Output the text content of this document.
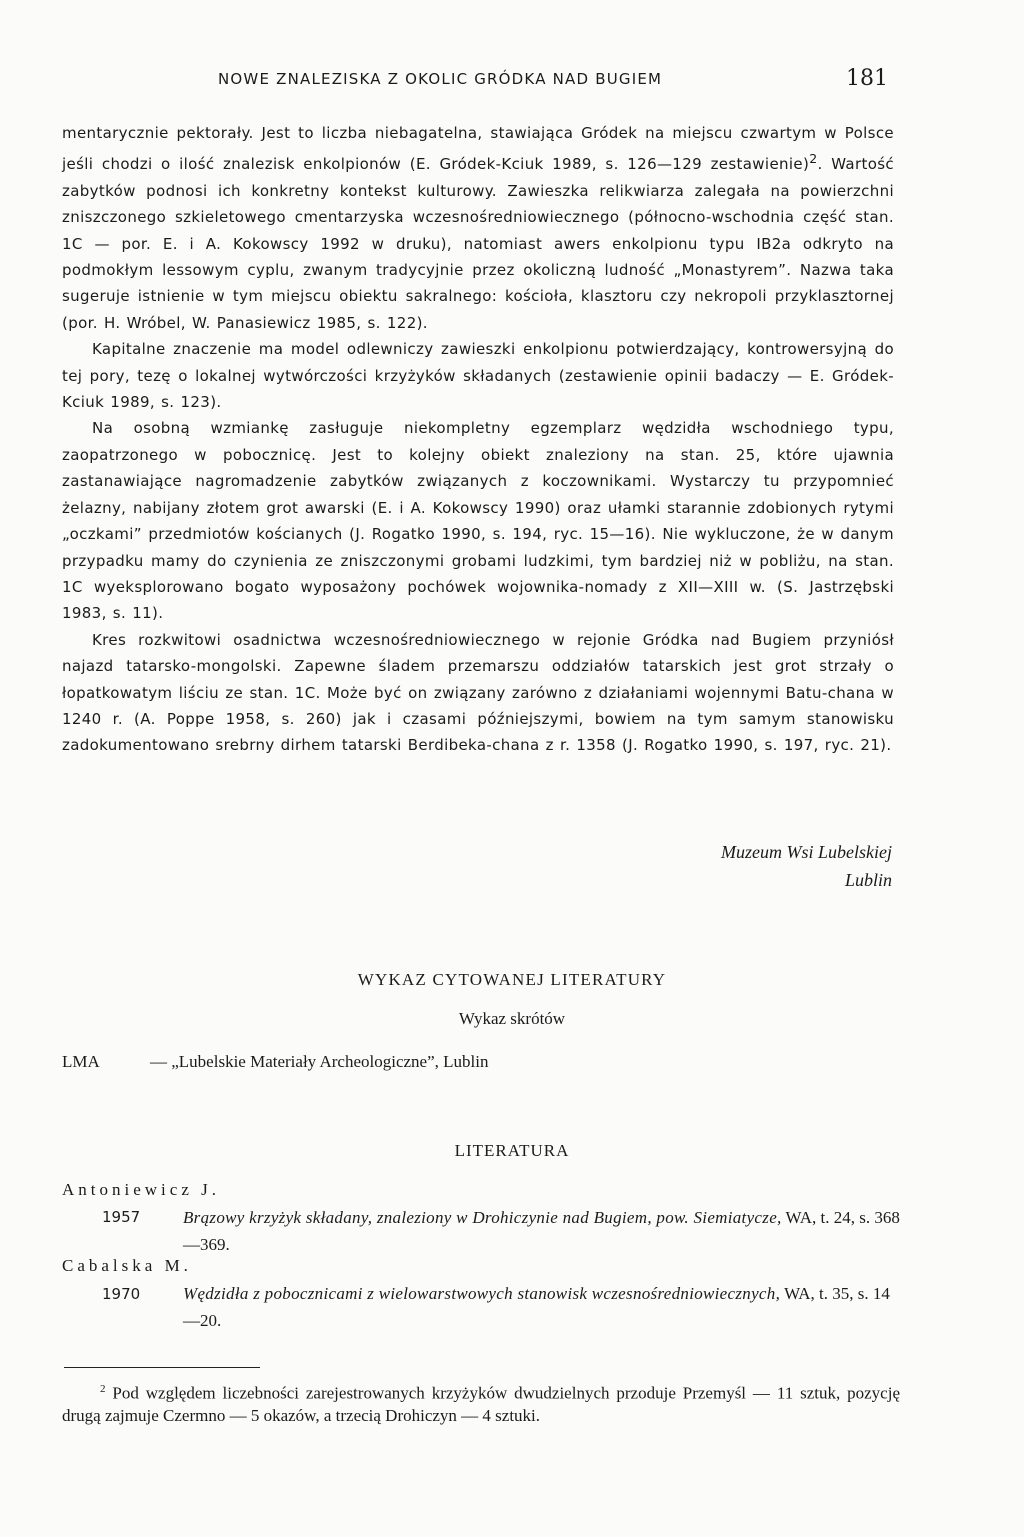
NOWE ZNALEZISKA Z OKOLIC GRÓDKA NAD BUGIEM	181

mentarycznie pektorały. Jest to liczba niebagatelna, stawiająca Gródek na miejscu czwartym w Polsce jeśli chodzi o ilość znalezisk enkolpionów (E. Gródek-Kciuk 1989, s. 126—129 zestawienie)$^2$. Wartość zabytków podnosi ich konkretny kontekst kulturowy. Zawieszka relikwiarza zalegała na powierzchni zniszczonego szkieletowego cmentarzyska wczesnośredniowiecznego (północno-wschodnia część stan. 1C — por. E. i A. Kokowscy 1992 w druku), natomiast awers enkolpionu typu IB2a odkryto na podmokłym lessowym cyplu, zwanym tradycyjnie przez okoliczną ludność „Monastyrem”. Nazwa taka sugeruje istnienie w tym miejscu obiektu sakralnego: kościoła, klasztoru czy nekropoli przyklasztornej (por. H. Wróbel, W. Panasiewicz 1985, s. 122).

Kapitalne znaczenie ma model odlewniczy zawieszki enkolpionu potwierdzający, kontrowersyjną do tej pory, tezę o lokalnej wytwórczości krzyżyków składanych (zestawienie opinii badaczy — E. Gródek-Kciuk 1989, s. 123).

Na osobną wzmiankę zasługuje niekompletny egzemplarz wędzidła wschodniego typu, zaopatrzonego w pobocznicę. Jest to kolejny obiekt znaleziony na stan. 25, które ujawnia zastanawiające nagromadzenie zabytków związanych z koczownikami. Wystarczy tu przypomnieć żelazny, nabijany złotem grot awarski (E. i A. Kokowscy 1990) oraz ułamki starannie zdobionych rytymi „oczkami” przedmiotów kościanych (J. Rogatko 1990, s. 194, ryc. 15—16). Nie wykluczone, że w danym przypadku mamy do czynienia ze zniszczonymi grobami ludzkimi, tym bardziej niż w pobliżu, na stan. 1C wyeksplorowano bogato wyposażony pochówek wojownika-nomady z XII—XIII w. (S. Jastrzębski 1983, s. 11).

Kres rozkwitowi osadnictwa wczesnośredniowiecznego w rejonie Gródka nad Bugiem przyniósł najazd tatarsko-mongolski. Zapewne śladem przemarszu oddziałów tatarskich jest grot strzały o łopatkowatym liściu ze stan. 1C. Może być on związany zarówno z działaniami wojennymi Batu-chana w 1240 r. (A. Poppe 1958, s. 260) jak i czasami późniejszymi, bowiem na tym samym stanowisku zadokumentowano srebrny dirhem tatarski Berdibeka-chana z r. 1358 (J. Rogatko 1990, s. 197, ryc. 21).

Muzeum Wsi Lubelskiej
Lublin
WYKAZ CYTOWANEJ LITERATURY
Wykaz skrótów
LMA	— „Lubelskie Materiały Archeologiczne”, Lublin
LITERATURA
Antoniewicz J.
1957	Brązowy krzyżyk składany, znaleziony w Drohiczynie nad Bugiem, pow. Siemiatycze, WA, t. 24, s. 368—369.
Cabalska M.
1970	Wędzidła z pobocznicami z wielowarstwowych stanowisk wczesnośredniowiecznych, WA, t. 35, s. 14—20.
$^2$ Pod względem liczebności zarejestrowanych krzyżyków dwudzielnych przoduje Przemyśl — 11 sztuk, pozycję drugą zajmuje Czermno — 5 okazów, a trzecią Drohiczyn — 4 sztuki.
